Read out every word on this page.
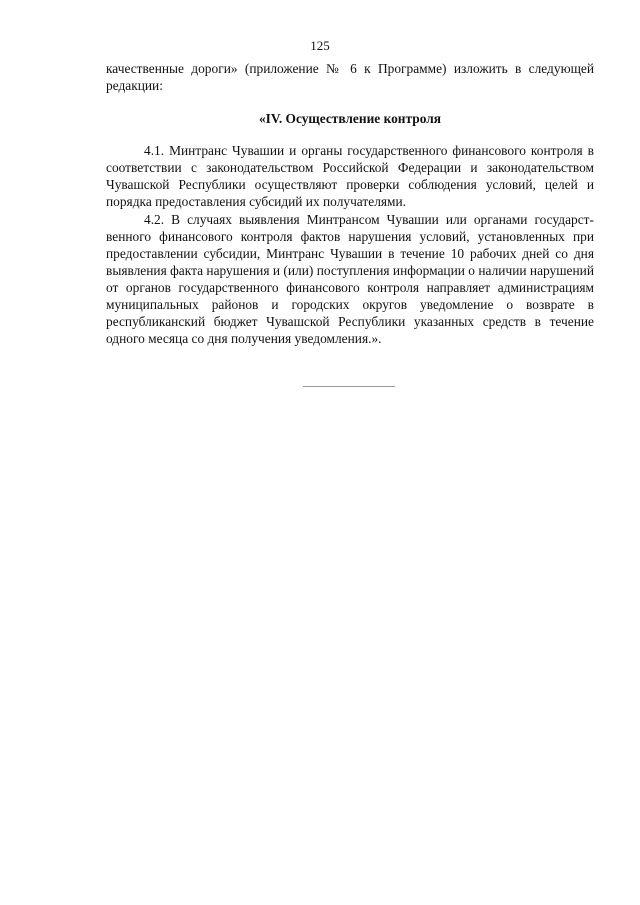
125

качественные дороги» (приложение № 6 к Программе) изложить в следующей редакции:

«IV. Осуществление контроля

4.1. Минтранс Чувашии и органы государственного финансового контроля в соответствии с законодательством Российской Федерации и законодательством Чувашской Республики осуществляют проверки соблюдения условий, целей и порядка предоставления субсидий их получателями.

4.2. В случаях выявления Минтрансом Чувашии или органами государственного финансового контроля фактов нарушения условий, установленных при предоставлении субсидии, Минтранс Чувашии в течение 10 рабочих дней со дня выявления факта нарушения и (или) поступления информации о наличии нарушений от органов государственного финансового контроля направляет администрациям муниципальных районов и городских округов уведомление о возврате в республиканский бюджет Чувашской Республики указанных средств в течение одного месяца со дня получения уведомления.».
